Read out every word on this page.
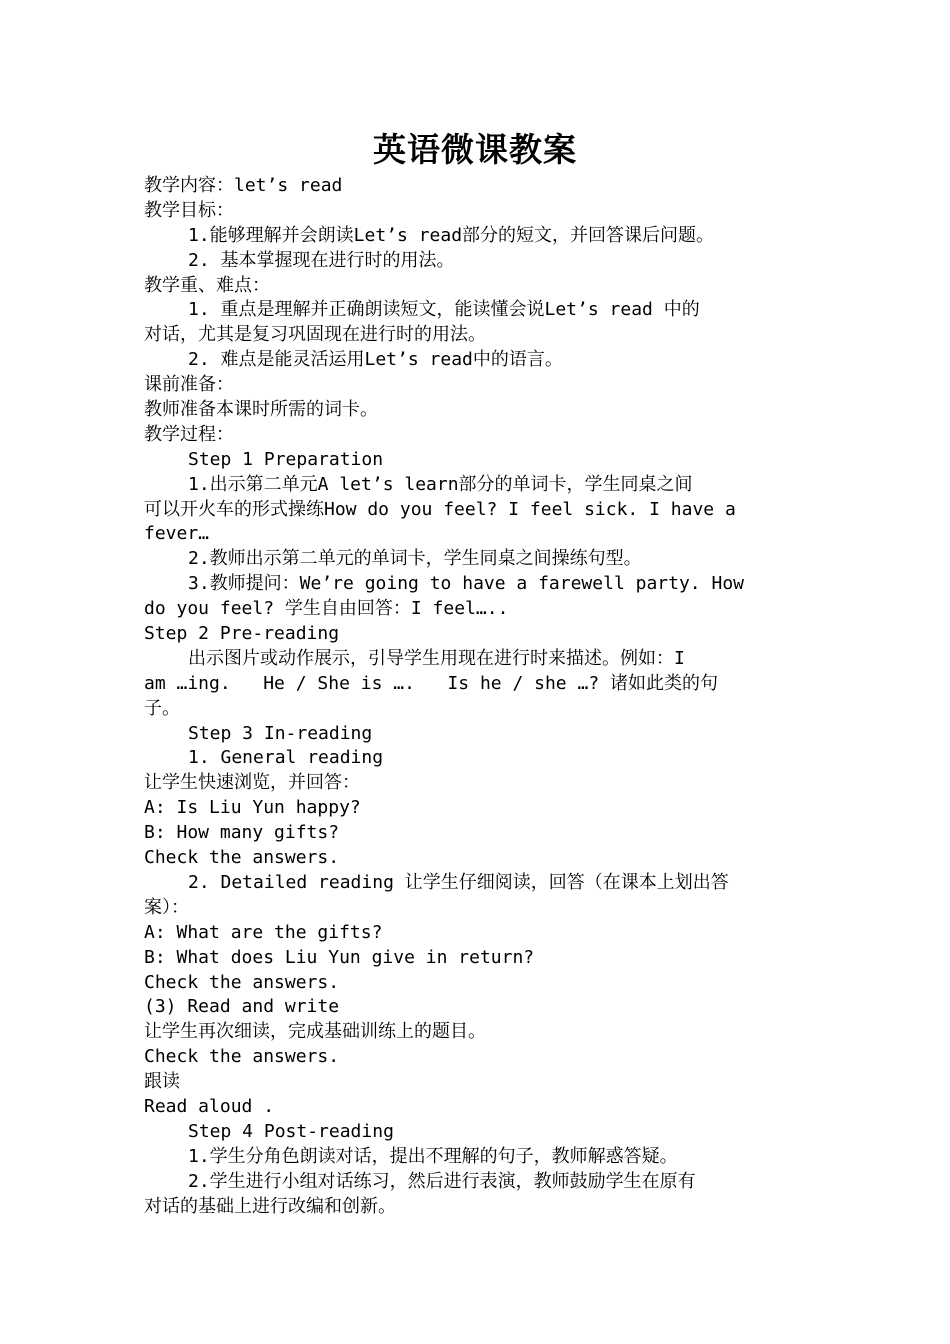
英语微课教案
教学内容：let’s read
教学目标：
1.能够理解并会朗读Let’s read部分的短文，并回答课后问题。
2. 基本掌握现在进行时的用法。
教学重、难点：
1. 重点是理解并正确朗读短文，能读懂会说Let’s read 中的
对话，尤其是复习巩固现在进行时的用法。
2. 难点是能灵活运用Let’s read中的语言。
课前准备：
教师准备本课时所需的词卡。
教学过程：
Step 1 Preparation
1.出示第二单元A let’s learn部分的单词卡，学生同桌之间
可以开火车的形式操练How do you feel? I feel sick. I have a
fever…
2.教师出示第二单元的单词卡，学生同桌之间操练句型。
3.教师提问：We’re going to have a farewell party. How
do you feel? 学生自由回答：I feel…..
Step 2 Pre-reading
出示图片或动作展示，引导学生用现在进行时来描述。例如：I
am …ing.   He / She is ….   Is he / she …? 诸如此类的句
子。
Step 3 In-reading
1. General reading
让学生快速浏览，并回答：
A: Is Liu Yun happy?
B: How many gifts?
Check the answers.
2. Detailed reading 让学生仔细阅读，回答（在课本上划出答
案）：
A: What are the gifts?
B: What does Liu Yun give in return?
Check the answers.
(3) Read and write
让学生再次细读，完成基础训练上的题目。
Check the answers.
跟读
Read aloud .
Step 4 Post-reading
1.学生分角色朗读对话，提出不理解的句子，教师解惑答疑。
2.学生进行小组对话练习，然后进行表演，教师鼓励学生在原有
对话的基础上进行改编和创新。
